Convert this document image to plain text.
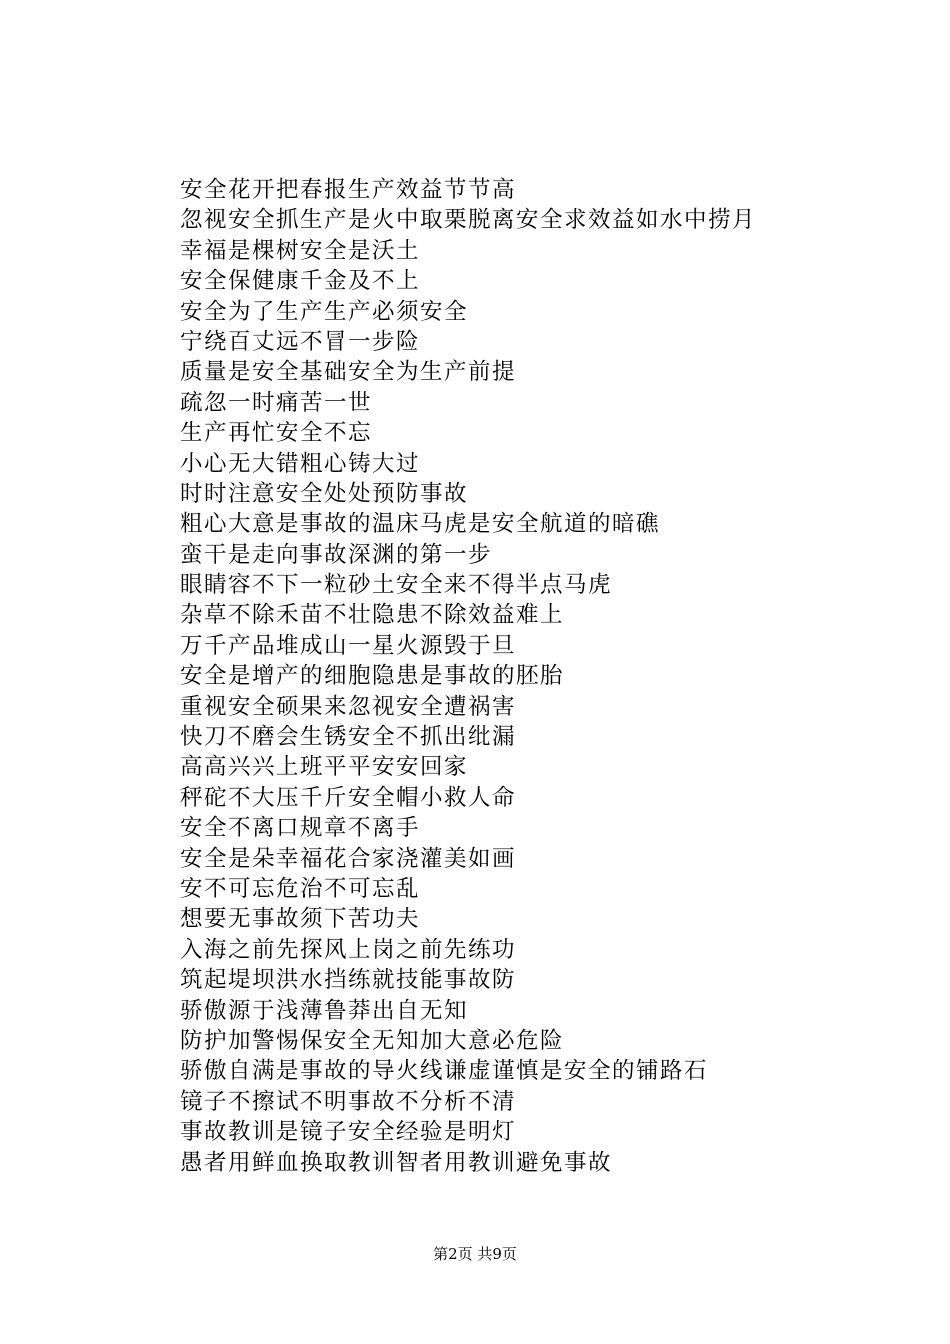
安全花开把春报生产效益节节高
忽视安全抓生产是火中取栗脱离安全求效益如水中捞月
幸福是棵树安全是沃土
安全保健康千金及不上
安全为了生产生产必须安全
宁绕百丈远不冒一步险
质量是安全基础安全为生产前提
疏忽一时痛苦一世
生产再忙安全不忘
小心无大错粗心铸大过
时时注意安全处处预防事故
粗心大意是事故的温床马虎是安全航道的暗礁
蛮干是走向事故深渊的第一步
眼睛容不下一粒砂土安全来不得半点马虎
杂草不除禾苗不壮隐患不除效益难上
万千产品堆成山一星火源毁于旦
安全是增产的细胞隐患是事故的胚胎
重视安全硕果来忽视安全遭祸害
快刀不磨会生锈安全不抓出纰漏
高高兴兴上班平平安安回家
秤砣不大压千斤安全帽小救人命
安全不离口规章不离手
安全是朵幸福花合家浇灌美如画
安不可忘危治不可忘乱
想要无事故须下苦功夫
入海之前先探风上岗之前先练功
筑起堤坝洪水挡练就技能事故防
骄傲源于浅薄鲁莽出自无知
防护加警惕保安全无知加大意必危险
骄傲自满是事故的导火线谦虚谨慎是安全的铺路石
镜子不擦试不明事故不分析不清
事故教训是镜子安全经验是明灯
愚者用鲜血换取教训智者用教训避免事故
第2页 共9页
